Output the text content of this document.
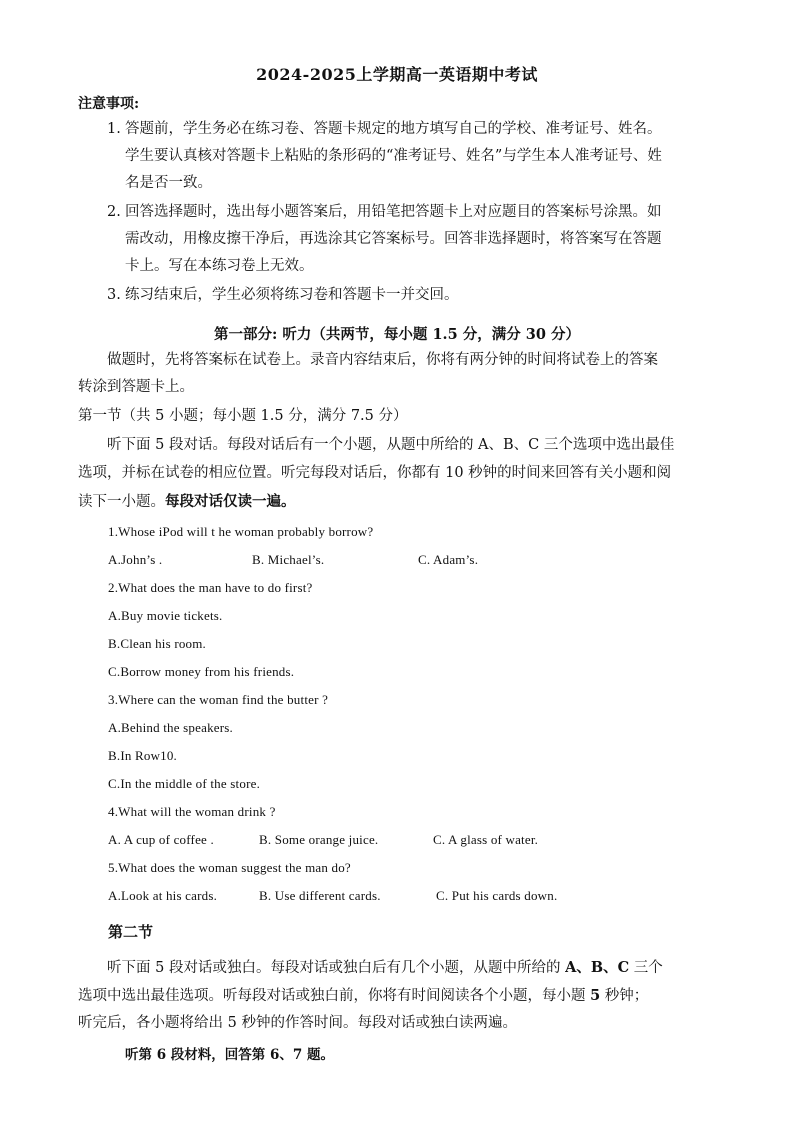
2024-2025上学期高一英语期中考试
注意事项:
1. 答题前，学生务必在练习卷、答题卡规定的地方填写自己的学校、准考证号、姓名。
学生要认真核对答题卡上粘贴的条形码的“准考证号、姓名”与学生本人准考证号、姓
名是否一致。
2. 回答选择题时，选出每小题答案后，用铅笔把答题卡上对应题目的答案标号涂黑。如
需改动，用橡皮擦干净后，再选涂其它答案标号。回答非选择题时，将答案写在答题
卡上。写在本练习卷上无效。
3. 练习结束后，学生必须将练习卷和答题卡一并交回。
第一部分: 听力（共两节，每小题 1.5 分，满分 30 分）
做题时，先将答案标在试卷上。录音内容结束后，你将有两分钟的时间将试卷上的答案
转涂到答题卡上。
第一节（共 5 小题；每小题 1.5 分，满分 7.5 分）
听下面 5 段对话。每段对话后有一个小题，从题中所给的 A、B、C 三个选项中选出最佳
选项，并标在试卷的相应位置。听完每段对话后，你都有 10 秒钟的时间来回答有关小题和阅
读下一小题。每段对话仅读一遍。
1.Whose iPod will t he woman probably borrow?
A.John’s .	B. Michael’s.	C. Adam’s.
2.What does the man have to do first?
A.Buy movie tickets.
B.Clean his room.
C.Borrow money from his friends.
3.Where can the woman find the butter ?
A.Behind the speakers.
B.In Row10.
C.In the middle of the store.
4.What will the woman drink ?
A. A cup of coffee .	B. Some orange juice.	C. A glass of water.
5.What does the woman suggest the man do?
A.Look at his cards.	B. Use different cards.	C. Put his cards down.
第二节
听下面 5 段对话或独白。每段对话或独白后有几个小题，从题中所给的 A、B、C 三个
选项中选出最佳选项。听每段对话或独白前，你将有时间阅读各个小题，每小题 5 秒钟；
听完后，各小题将给出 5 秒钟的作答时间。每段对话或独白读两遍。
听第 6 段材料，回答第 6、7 题。
